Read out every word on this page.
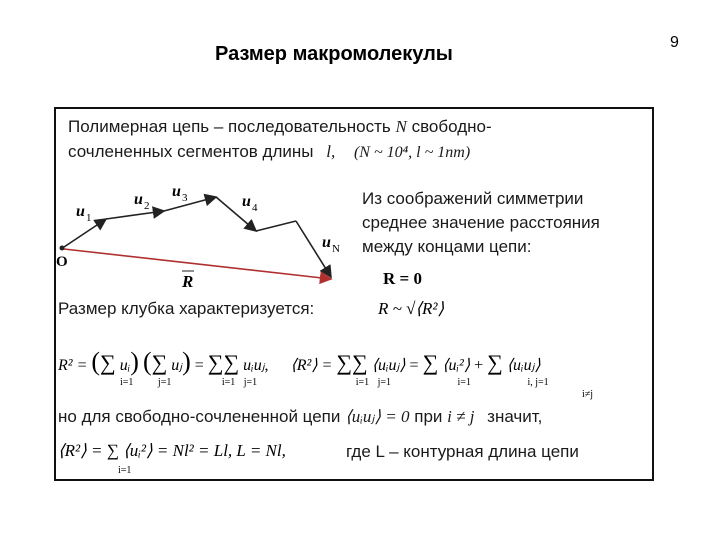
Размер макромолекулы
9
Полимерная цепь – последовательность N свободно-
сочлененных сегментов длины l, (N ~ 10⁴, l ~ 1nm)
Из соображений симметрии
среднее значение расстояния
между концами цепи:
R = 0
O
u 1
u 2
u 3	u 4
u N
R
Размер клубка характеризуется:	R ~ √⟨R²⟩
R² = (∑ uᵢ) (∑ uⱼ) = ∑∑ uᵢuⱼ, ⟨R²⟩ = ∑∑ ⟨uᵢuⱼ⟩ = ∑ ⟨uᵢ²⟩ + ∑ ⟨uᵢuⱼ⟩
i=1 j=1	i=1 j=1	i=1 j=1	i=1	i, j=1
i≠j
но для свободно-сочлененной цепи ⟨uᵢuⱼ⟩ = 0 при i ≠ j значит,
⟨R²⟩ = ∑ ⟨uᵢ²⟩ = Nl² = Ll, L = Nl,
i=1
где L – контурная длина цепи
